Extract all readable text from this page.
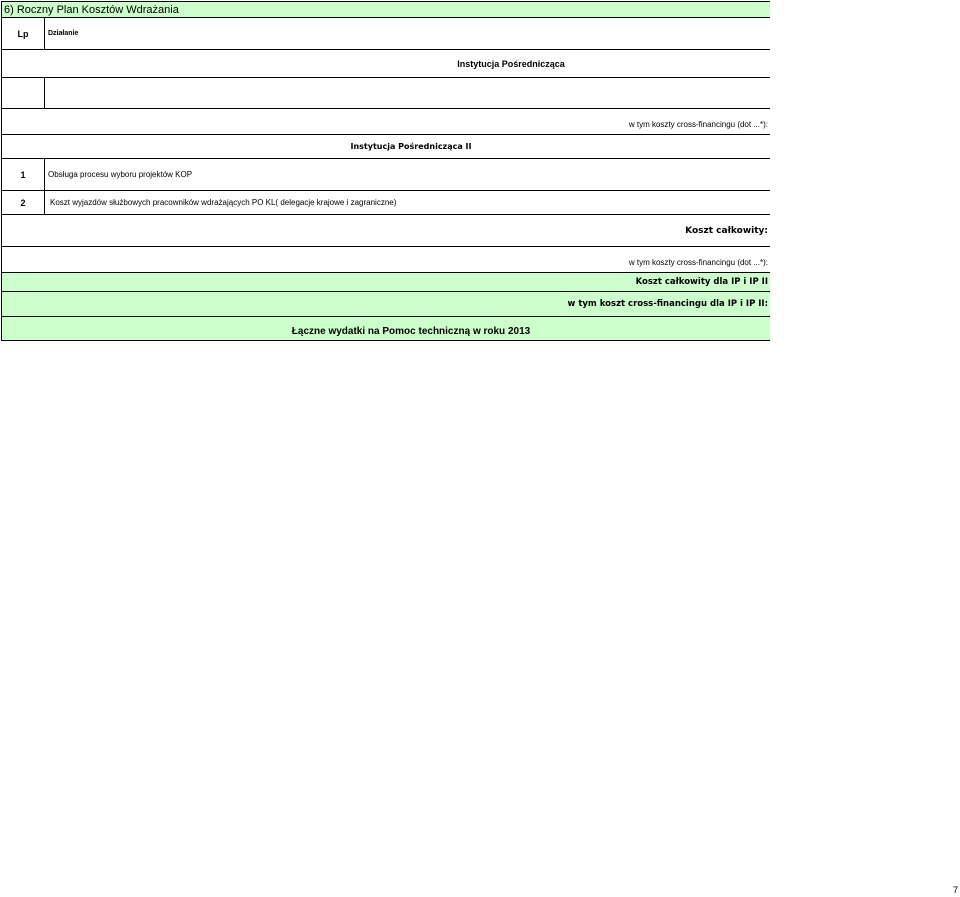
6) Roczny Plan Kosztów Wdrażania
Lp	Działanie
Instytucja Pośrednicząca
w tym koszty cross-financingu (dot ...*):
Instytucja Pośrednicząca II
1	Obsługa procesu wyboru projektów KOP
2	Koszt wyjazdów służbowych pracowników wdrażających PO KL( delegacje krajowe i zagraniczne)
Koszt całkowity:
w tym koszty cross-financingu (dot ...*):
Koszt całkowity dla IP i IP II
w tym koszt cross-financingu dla IP i IP II:
Łączne wydatki na Pomoc techniczną w roku 2013
7
